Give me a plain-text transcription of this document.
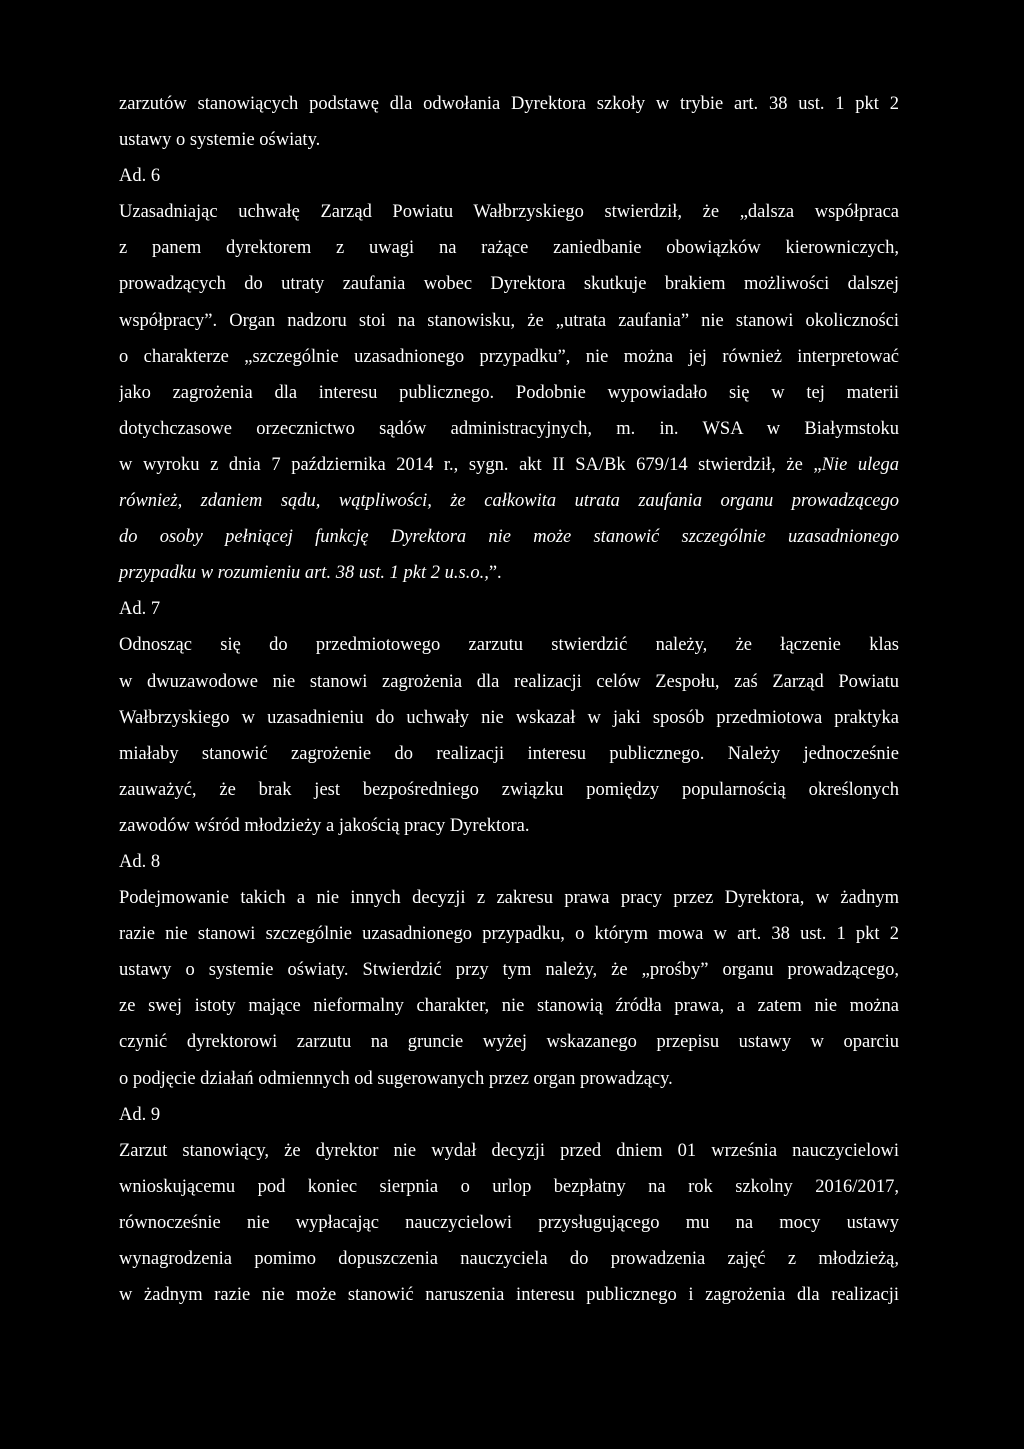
zarzutów stanowiących podstawę dla odwołania Dyrektora szkoły w trybie art. 38 ust. 1 pkt 2
ustawy o systemie oświaty.
Ad. 6
Uzasadniając uchwałę Zarząd Powiatu Wałbrzyskiego stwierdził, że „dalsza współpraca
z panem dyrektorem z uwagi na rażące zaniedbanie obowiązków kierowniczych,
prowadzących do utraty zaufania wobec Dyrektora skutkuje brakiem możliwości dalszej
współpracy”. Organ nadzoru stoi na stanowisku, że „utrata zaufania” nie stanowi okoliczności
o charakterze „szczególnie uzasadnionego przypadku”, nie można jej również interpretować
jako zagrożenia dla interesu publicznego. Podobnie wypowiadało się w tej materii
dotychczasowe orzecznictwo sądów administracyjnych, m. in. WSA w Białymstoku
w wyroku z dnia 7 października 2014 r., sygn. akt II SA/Bk 679/14 stwierdził, że „Nie ulega
również, zdaniem sądu, wątpliwości, że całkowita utrata zaufania organu prowadzącego
do osoby pełniącej funkcję Dyrektora nie może stanowić szczególnie uzasadnionego
przypadku w rozumieniu art. 38 ust. 1 pkt 2 u.s.o.,”.
Ad. 7
Odnosząc się do przedmiotowego zarzutu stwierdzić należy, że łączenie klas
w dwuzawodowe nie stanowi zagrożenia dla realizacji celów Zespołu, zaś Zarząd Powiatu
Wałbrzyskiego w uzasadnieniu do uchwały nie wskazał w jaki sposób przedmiotowa praktyka
miałaby stanowić zagrożenie do realizacji interesu publicznego. Należy jednocześnie
zauważyć, że brak jest bezpośredniego związku pomiędzy popularnością określonych
zawodów wśród młodzieży a jakością pracy Dyrektora.
Ad. 8
Podejmowanie takich a nie innych decyzji z zakresu prawa pracy przez Dyrektora, w żadnym
razie nie stanowi szczególnie uzasadnionego przypadku, o którym mowa w art. 38 ust. 1 pkt 2
ustawy o systemie oświaty. Stwierdzić przy tym należy, że „prośby” organu prowadzącego,
ze swej istoty mające nieformalny charakter, nie stanowią źródła prawa, a zatem nie można
czynić dyrektorowi zarzutu na gruncie wyżej wskazanego przepisu ustawy w oparciu
o podjęcie działań odmiennych od sugerowanych przez organ prowadzący.
Ad. 9
Zarzut stanowiący, że dyrektor nie wydał decyzji przed dniem 01 września nauczycielowi
wnioskującemu pod koniec sierpnia o urlop bezpłatny na rok szkolny 2016/2017,
równocześnie nie wypłacając nauczycielowi przysługującego mu na mocy ustawy
wynagrodzenia pomimo dopuszczenia nauczyciela do prowadzenia zajęć z młodzieżą,
w żadnym razie nie może stanowić naruszenia interesu publicznego i zagrożenia dla realizacji
